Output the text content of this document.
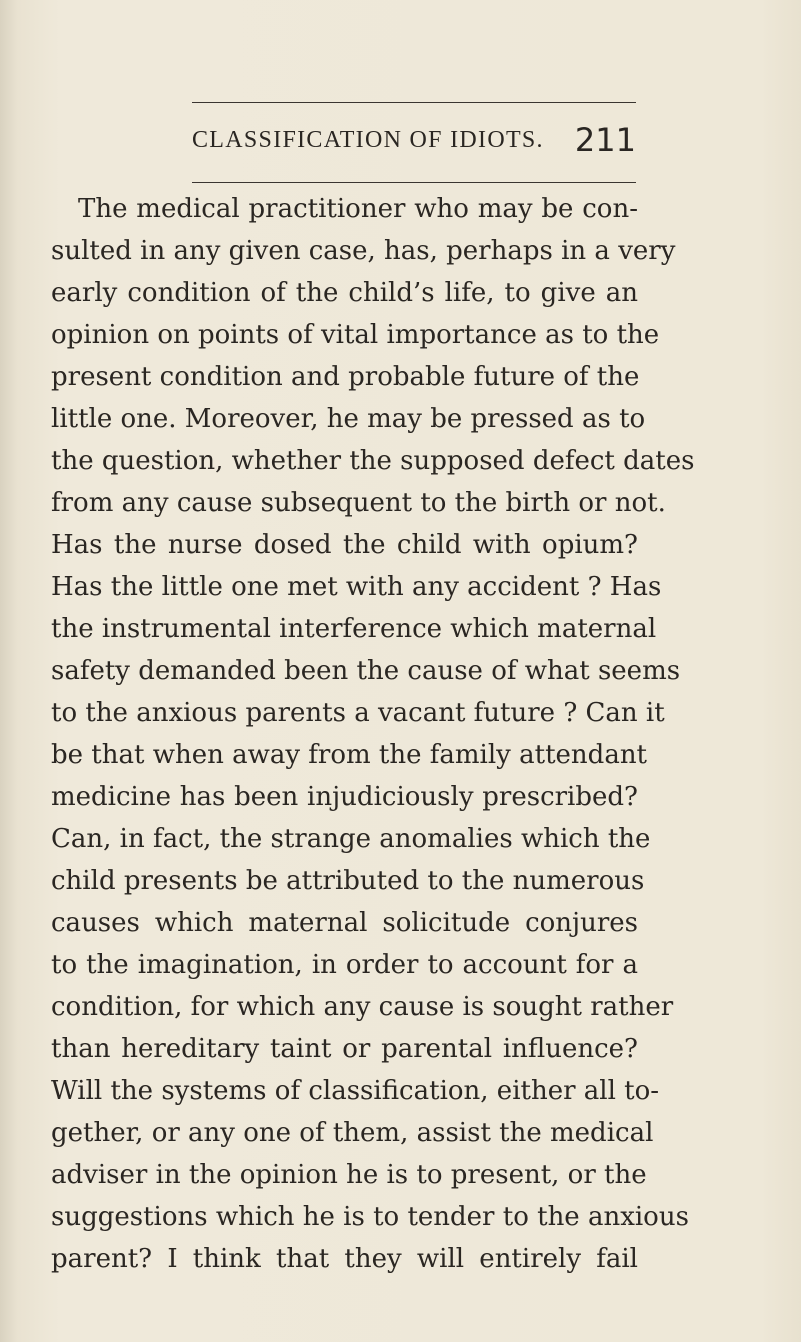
CLASSIFICATION OF IDIOTS. 211
The medical practitioner who may be con-
sulted in any given case, has, perhaps in a very
early condition of the child’s life, to give an
opinion on points of vital importance as to the
present condition and probable future of the
little one. Moreover, he may be pressed as to
the question, whether the supposed defect dates
from any cause subsequent to the birth or not.
Has the nurse dosed the child with opium?
Has the little one met with any accident ? Has
the instrumental interference which maternal
safety demanded been the cause of what seems
to the anxious parents a vacant future ? Can it
be that when away from the family attendant
medicine has been injudiciously prescribed?
Can, in fact, the strange anomalies which the
child presents be attributed to the numerous
causes which maternal solicitude conjures
to the imagination, in order to account for a
condition, for which any cause is sought rather
than hereditary taint or parental influence?
Will the systems of classification, either all to-
gether, or any one of them, assist the medical
adviser in the opinion he is to present, or the
suggestions which he is to tender to the anxious
parent? I think that they will entirely fail
